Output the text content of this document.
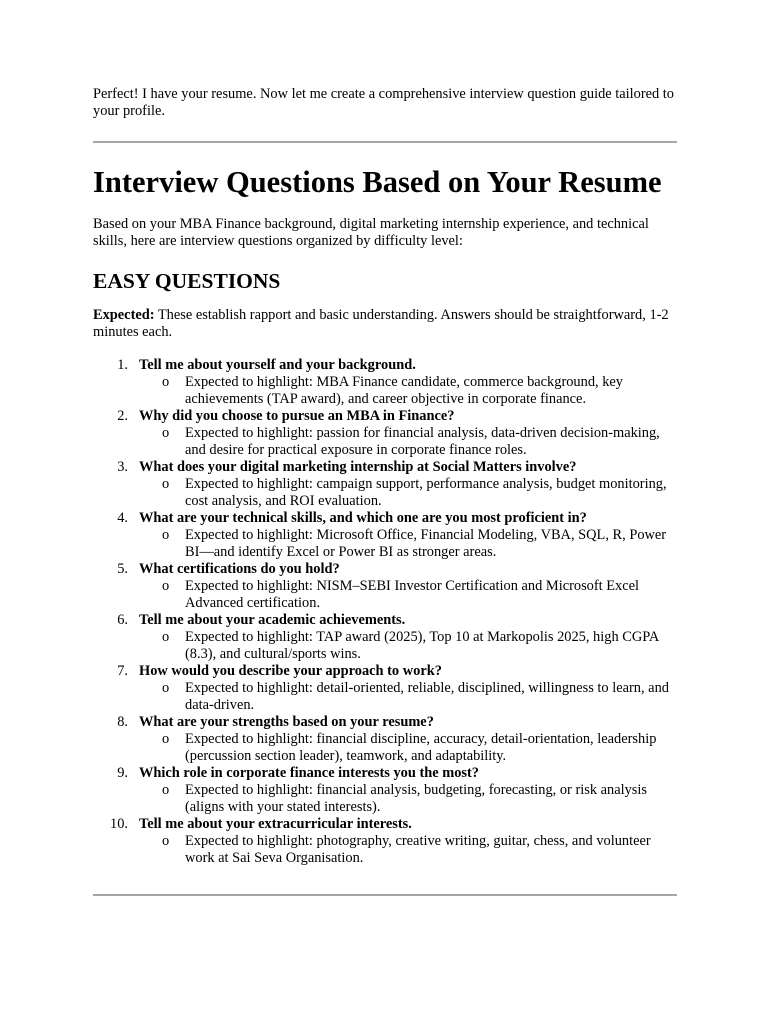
Perfect! I have your resume. Now let me create a comprehensive interview question guide tailored to your profile.

Interview Questions Based on Your Resume

Based on your MBA Finance background, digital marketing internship experience, and technical skills, here are interview questions organized by difficulty level:

EASY QUESTIONS

Expected: These establish rapport and basic understanding. Answers should be straightforward, 1-2 minutes each.

1. Tell me about yourself and your background.
o Expected to highlight: MBA Finance candidate, commerce background, key achievements (TAP award), and career objective in corporate finance.
2. Why did you choose to pursue an MBA in Finance?
o Expected to highlight: passion for financial analysis, data-driven decision-making, and desire for practical exposure in corporate finance roles.
3. What does your digital marketing internship at Social Matters involve?
o Expected to highlight: campaign support, performance analysis, budget monitoring, cost analysis, and ROI evaluation.
4. What are your technical skills, and which one are you most proficient in?
o Expected to highlight: Microsoft Office, Financial Modeling, VBA, SQL, R, Power BI—and identify Excel or Power BI as stronger areas.
5. What certifications do you hold?
o Expected to highlight: NISM–SEBI Investor Certification and Microsoft Excel Advanced certification.
6. Tell me about your academic achievements.
o Expected to highlight: TAP award (2025), Top 10 at Markopolis 2025, high CGPA (8.3), and cultural/sports wins.
7. How would you describe your approach to work?
o Expected to highlight: detail-oriented, reliable, disciplined, willingness to learn, and data-driven.
8. What are your strengths based on your resume?
o Expected to highlight: financial discipline, accuracy, detail-orientation, leadership (percussion section leader), teamwork, and adaptability.
9. Which role in corporate finance interests you the most?
o Expected to highlight: financial analysis, budgeting, forecasting, or risk analysis (aligns with your stated interests).
10. Tell me about your extracurricular interests.
o Expected to highlight: photography, creative writing, guitar, chess, and volunteer work at Sai Seva Organisation.
